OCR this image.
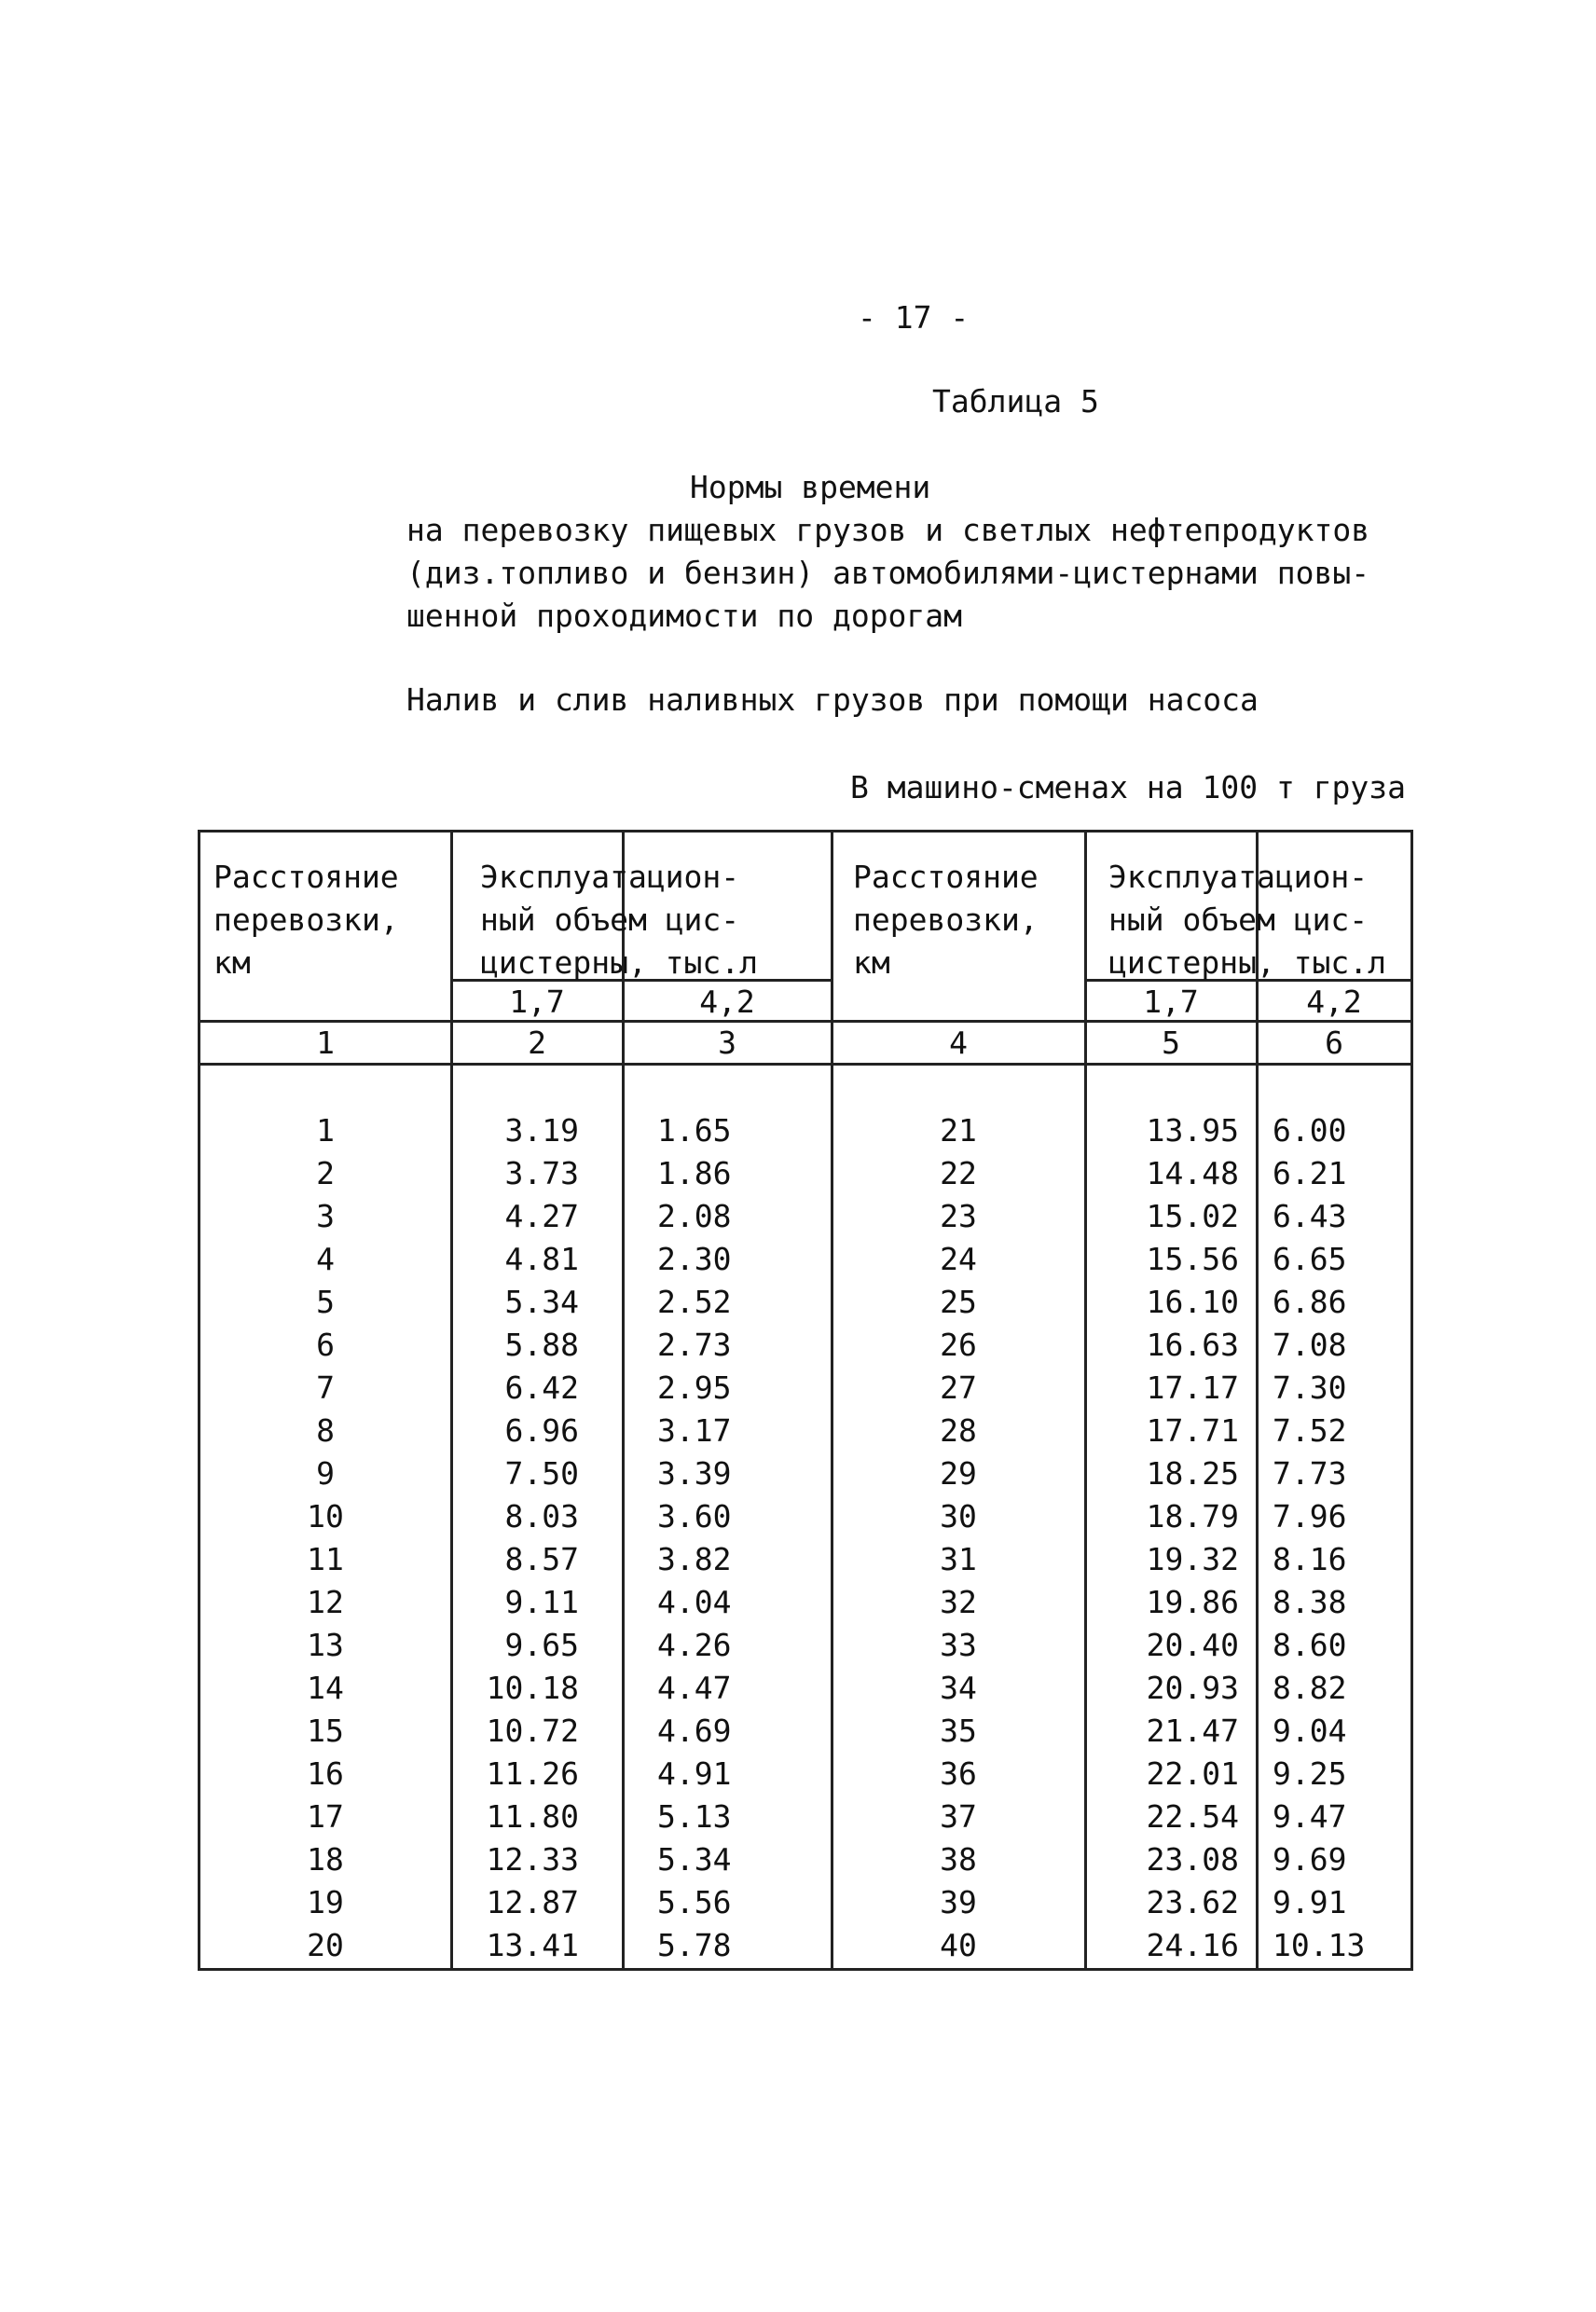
- 17 -
Таблица 5
Нормы времени
на перевозку пищевых грузов и светлых нефтепродуктов
(диз.топливо и бензин) автомобилями-цистернами повы-
шенной проходимости по дорогам
Налив и слив наливных грузов при помощи насоса
В машино-сменах на 100 т груза
Расстояние
перевозки,
км
Эксплуатацион-
ный объем цис-
цистерны, тыс.л
1,7	4,2
Расстояние
перевозки,
км
Эксплуатацион-
ный объем цис-
цистерны, тыс.л
1,7	4,2
1	2	3	4	5	6
1	3.19	1.65	21	13.95 6.00
2	3.73	1.86	22	14.48 6.21
3	4.27	2.08	23	15.02 6.43
4	4.81	2.30	24	15.56 6.65
5	5.34	2.52	25	16.10 6.86
6	5.88	2.73	26	16.63 7.08
7	6.42	2.95	27	17.17 7.30
8	6.96	3.17	28	17.71 7.52
9	7.50	3.39	29	18.25 7.73
10	8.03	3.60	30	18.79 7.96
11	8.57	3.82	31	19.32 8.16
12	9.11	4.04	32	19.86 8.38
13	9.65	4.26	33	20.40 8.60
14	10.18	4.47	34	20.93 8.82
15	10.72	4.69	35	21.47 9.04
16	11.26	4.91	36	22.01 9.25
17	11.80	5.13	37	22.54 9.47
18	12.33	5.34	38	23.08 9.69
19	12.87	5.56	39	23.62 9.91
20	13.41	5.78	40	24.16 10.13
